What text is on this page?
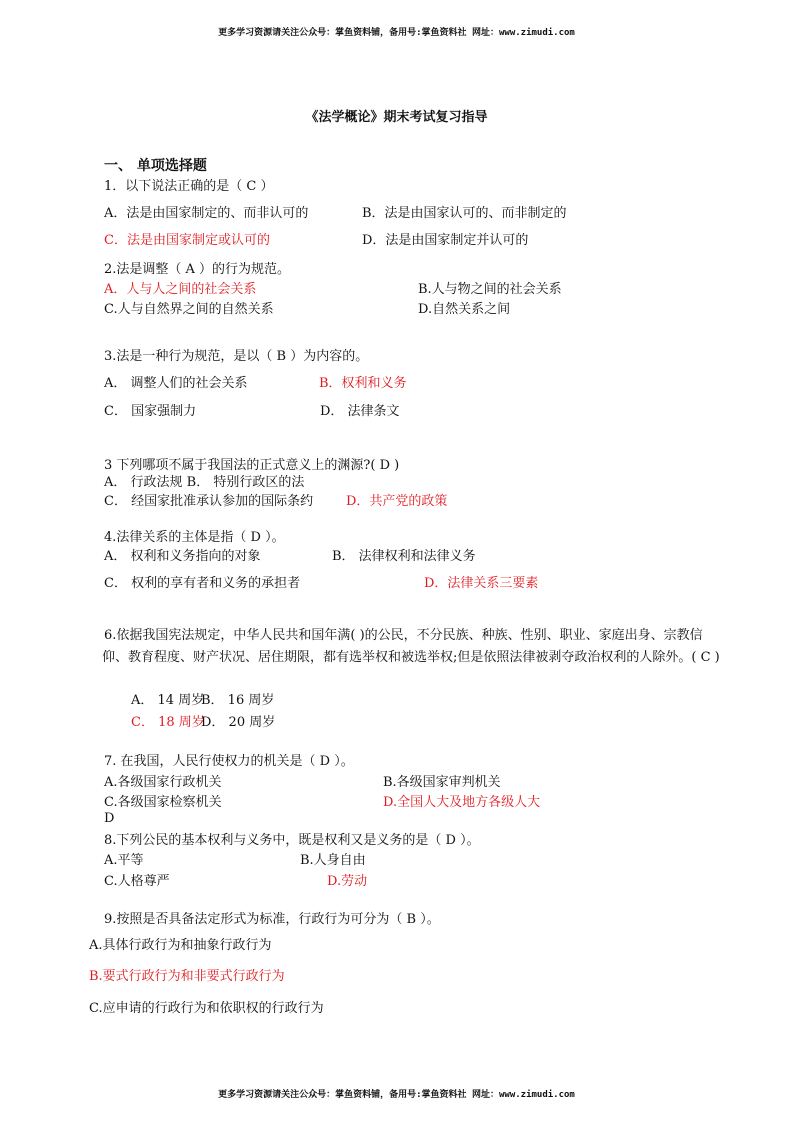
更多学习资源请关注公众号：掌鱼资料铺，备用号:掌鱼资料社 网址：www.zimudi.com
更多学习资源请关注公众号：掌鱼资料铺，备用号:掌鱼资料社 网址：www.zimudi.com
《法学概论》期末考试复习指导
一、 单项选择题
1．以下说法正确的是（ C ）
A．法是由国家制定的、而非认可的	B．法是由国家认可的、而非制定的
C．法是由国家制定或认可的	D．法是由国家制定并认可的
2.法是调整（ A ）的行为规范。
A．人与人之间的社会关系	B.人与物之间的社会关系
C.人与自然界之间的自然关系	D.自然关系之间
3.法是一种行为规范，是以（ B ）为内容的。
A． 调整人们的社会关系	B．权利和义务
C． 国家强制力	D． 法律条文
3 下列哪项不属于我国法的正式意义上的渊源?( D )
A． 行政法规 B． 特别行政区的法
C． 经国家批准承认参加的国际条约	D．共产党的政策
4.法律关系的主体是指（ D ）。
A． 权利和义务指向的对象	B． 法律权利和法律义务
C． 权利的享有者和义务的承担者	D．法律关系三要素
6.依据我国宪法规定，中华人民共和国年满( )的公民，不分民族、种族、性别、职业、家庭出身、宗教信仰、教育程度、财产状况、居住期限，都有选举权和被选举权;但是依照法律被剥夺政治权利的人除外。( C )
A． 14 周岁
B． 16 周岁
C． 18 周岁
D． 20 周岁
7. 在我国，人民行使权力的机关是（ D ）。
A.各级国家行政机关	B.各级国家审判机关
C.各级国家检察机关	D.全国人大及地方各级人大
D
8.下列公民的基本权利与义务中，既是权利又是义务的是（ D ）。
A.平等	B.人身自由
C.人格尊严	D.劳动
9.按照是否具备法定形式为标准，行政行为可分为（ B ）。
A.具体行政行为和抽象行政行为
B.要式行政行为和非要式行政行为
C.应申请的行政行为和依职权的行政行为
